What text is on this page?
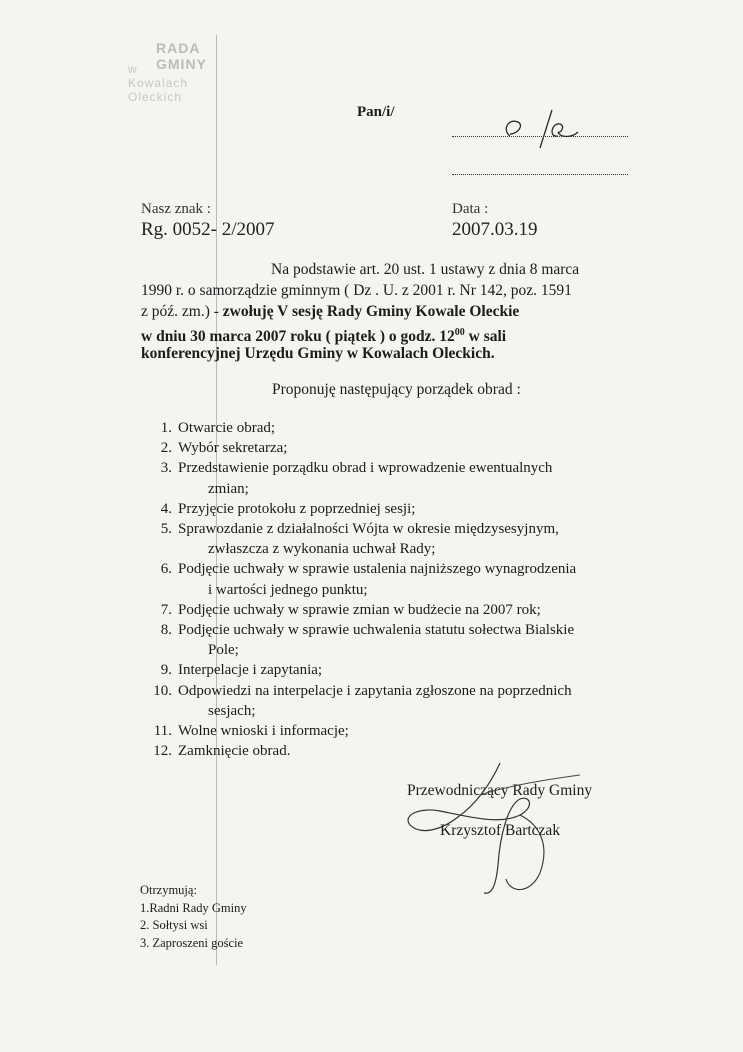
RADA GMINY
w Kowalach Oleckich
Pan/i/
Nasz znak :
Rg. 0052- 2/2007
Data :
2007.03.19
Na podstawie art. 20 ust. 1 ustawy z dnia 8 marca
1990 r. o samorządzie gminnym ( Dz . U. z 2001 r. Nr 142, poz. 1591
z póź. zm.) - zwołuję V sesję Rady Gminy Kowale Oleckie
w dniu 30 marca 2007 roku ( piątek ) o godz. $12^{00}$ w sali
konferencyjnej Urzędu Gminy w Kowalach Oleckich.
Proponuję następujący porządek obrad :
1. Otwarcie obrad;
2. Wybór sekretarza;
3. Przedstawienie porządku obrad i wprowadzenie ewentualnych
zmian;
4. Przyjęcie protokołu z poprzedniej sesji;
5. Sprawozdanie z działalności Wójta w okresie międzysesyjnym,
zwłaszcza z wykonania uchwał Rady;
6. Podjęcie uchwały w sprawie ustalenia najniższego wynagrodzenia
i wartości jednego punktu;
7. Podjęcie uchwały w sprawie zmian w budżecie na 2007 rok;
8. Podjęcie uchwały w sprawie uchwalenia statutu sołectwa Bialskie
Pole;
9. Interpelacje i zapytania;
10. Odpowiedzi na interpelacje i zapytania zgłoszone na poprzednich
sesjach;
11. Wolne wnioski i informacje;
12. Zamknięcie obrad.
Przewodniczący Rady Gminy
Krzysztof Bartczak
Otrzymują:
1.Radni Rady Gminy
2. Sołtysi wsi
3. Zaproszeni goście
